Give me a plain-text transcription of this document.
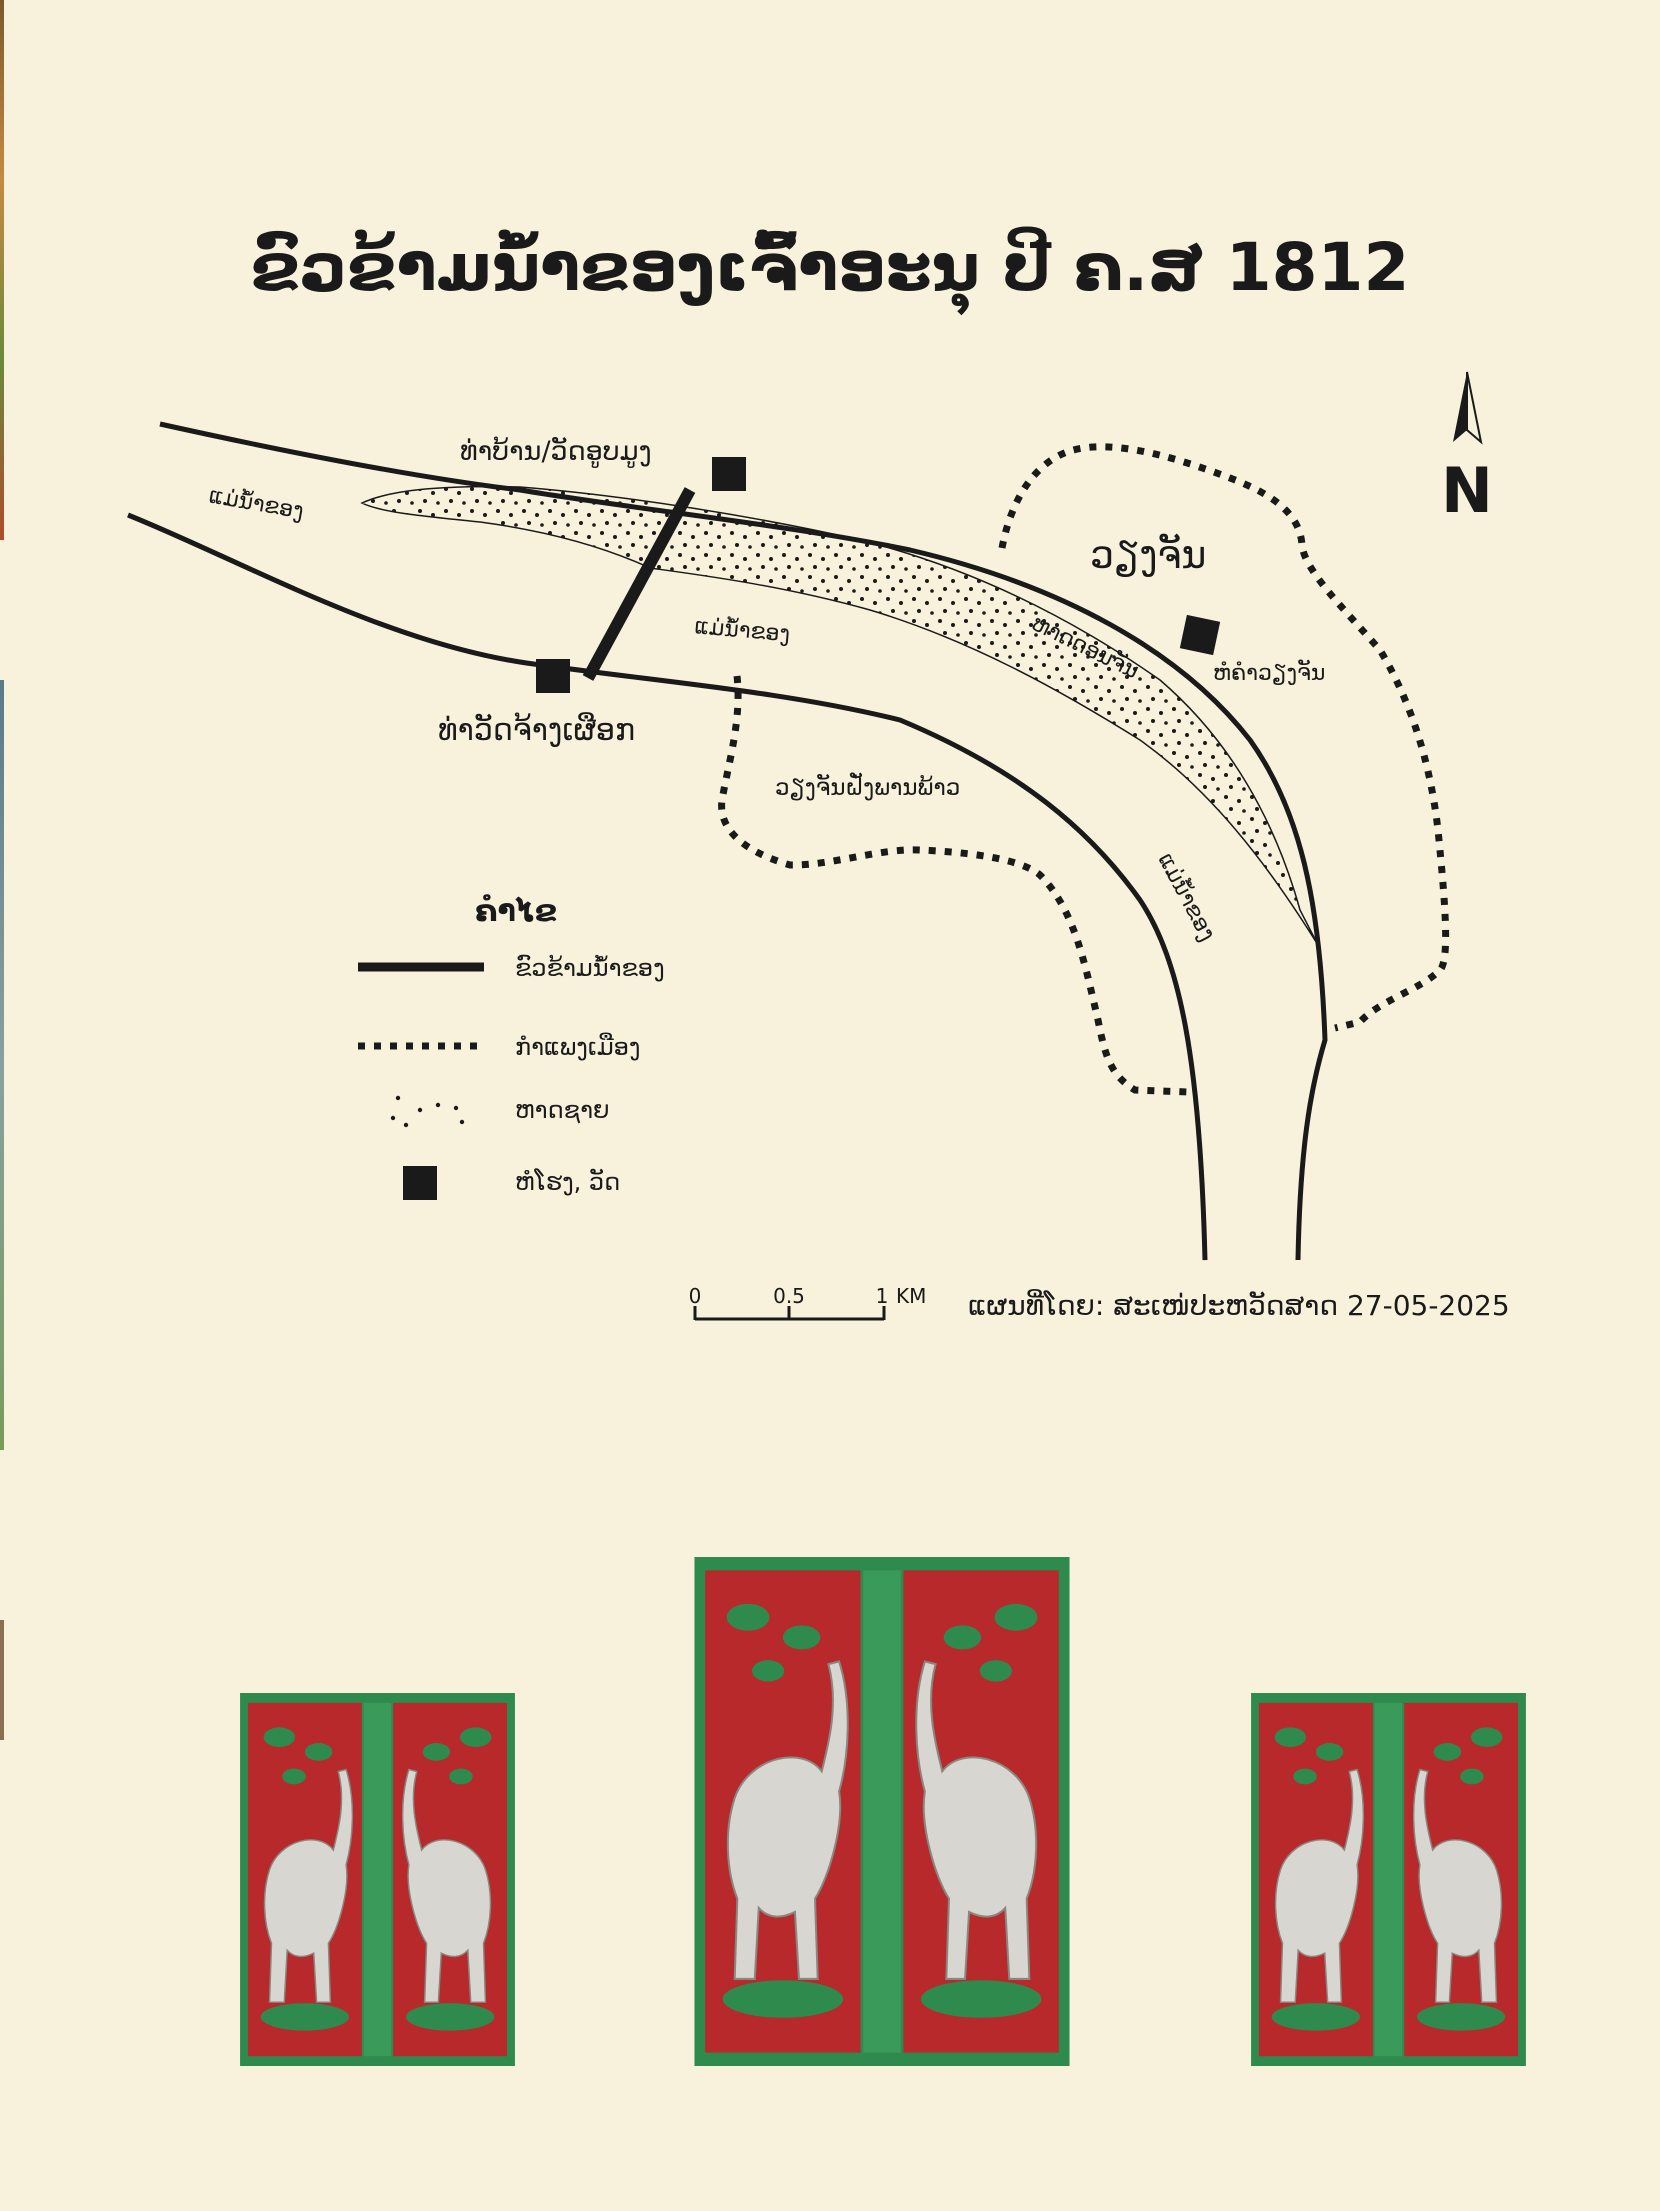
ຂົວຂ້າມນ້ຳຂອງເຈົ້າອະນຸ ປີ ຄ.ສ 1812
N
ແມ່ນ້ຳຂອງ
ທ່າບ້ານ/ວັດອູບມູງ
ທ່າວັດຈ້າງເຜືອກ
ແມ່ນ້ຳຂອງ
ວຽງຈັນ
ຫໍຄຳວຽງຈັນ
ຫາດດອນຈັນ
ວຽງຈັນຝັ່ງພານພ້າວ
ແມ່ນ້ຳຂອງ
ຄຳໄຂ
ຂົວຂ້າມນ້ຳຂອງ
ກຳແພງເມືອງ
ຫາດຊາຍ
ຫໍໂຮງ, ວັດ
0	0.5	1 KM ແຜນທີ່ໂດຍ: ສະເໜ່ປະຫວັດສາດ 27-05-2025
